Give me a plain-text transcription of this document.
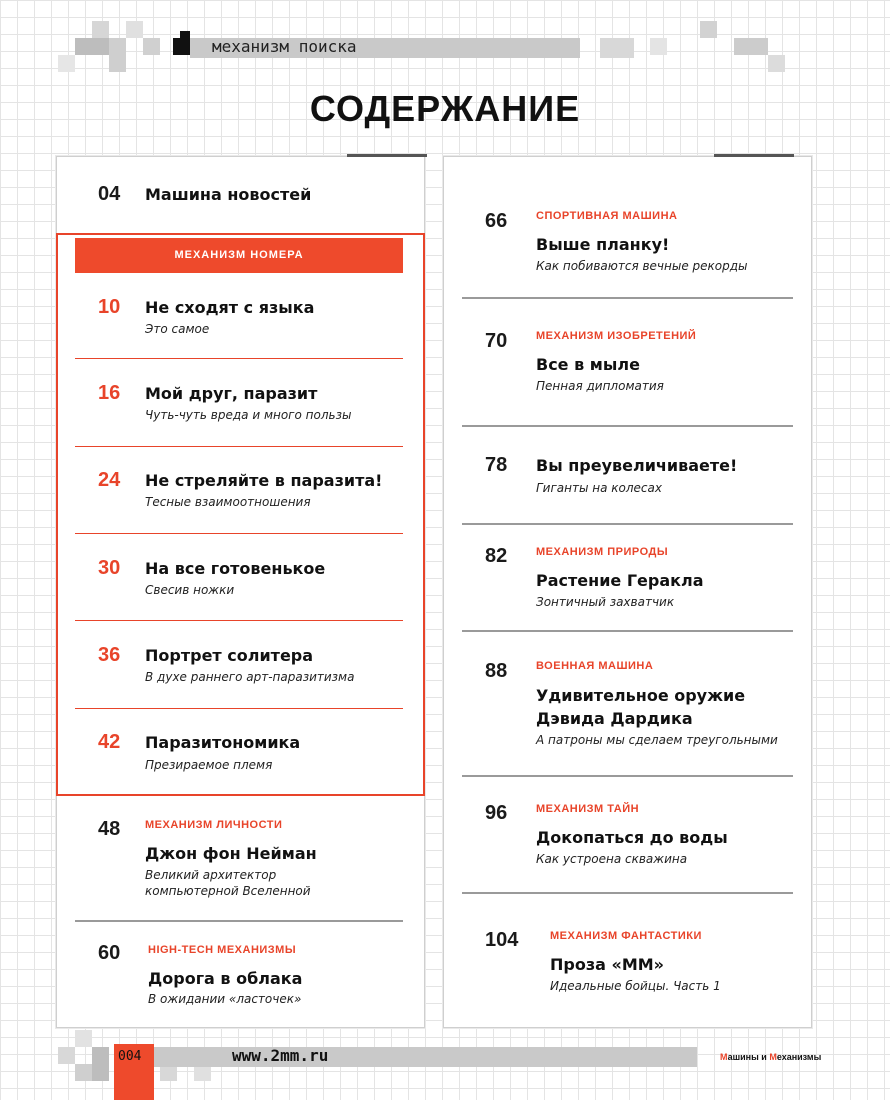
механизм поиска
СОДЕРЖАНИЕ
04 Машина новостей
МЕХАНИЗМ НОМЕРА
10 Не сходят с языка
Это самое
16 Мой друг, паразит
Чуть-чуть вреда и много пользы
24 Не стреляйте в паразита!
Тесные взаимоотношения
30 На все готовенькое
Свесив ножки
36 Портрет солитера
В духе раннего арт-паразитизма
42 Паразитономика
Презираемое племя
48 МЕХАНИЗМ ЛИЧНОСТИ
Джон фон Нейман
Великий архитектор
компьютерной Вселенной
60	HIGH-TECH МЕХАНИЗМЫ
Дорога в облака
В ожидании «ласточек»
66	СПОРТИВНАЯ МАШИНА
Выше планку!
Как побиваются вечные рекорды
70	МЕХАНИЗМ ИЗОБРЕТЕНИЙ
Все в мыле
Пенная дипломатия
78 Вы преувеличиваете!
Гиганты на колесах
82	МЕХАНИЗМ ПРИРОДЫ
Растение Геракла
Зонтичный захватчик
88	ВОЕННАЯ МАШИНА
Удивительное оружие
Дэвида Дардика
А патроны мы сделаем треугольными
96	МЕХАНИЗМ ТАЙН
Докопаться до воды
Как устроена скважина
104	МЕХАНИЗМ ФАНТАСТИКИ
Проза «ММ»
Идеальные бойцы. Часть 1
004	www.2mm.ru	Машины и Механизмы
